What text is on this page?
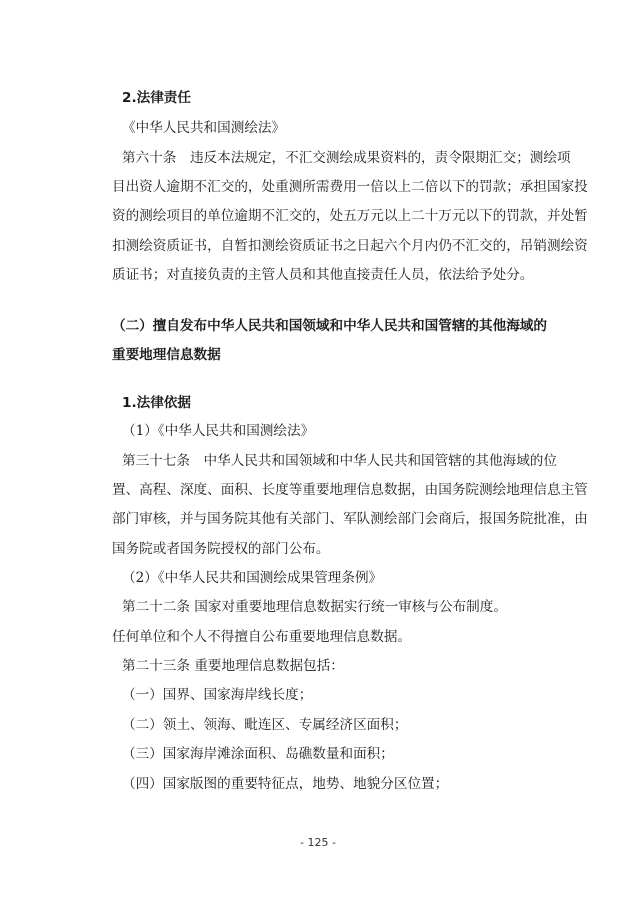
2.法律责任
《中华人民共和国测绘法》
第六十条　违反本法规定，不汇交测绘成果资料的，责令限期汇交；测绘项
目出资人逾期不汇交的，处重测所需费用一倍以上二倍以下的罚款；承担国家投
资的测绘项目的单位逾期不汇交的，处五万元以上二十万元以下的罚款，并处暂
扣测绘资质证书，自暂扣测绘资质证书之日起六个月内仍不汇交的，吊销测绘资
质证书；对直接负责的主管人员和其他直接责任人员，依法给予处分。
（二）擅自发布中华人民共和国领域和中华人民共和国管辖的其他海域的
重要地理信息数据
1.法律依据
（1）《中华人民共和国测绘法》
第三十七条　中华人民共和国领域和中华人民共和国管辖的其他海域的位
置、高程、深度、面积、长度等重要地理信息数据，由国务院测绘地理信息主管
部门审核，并与国务院其他有关部门、军队测绘部门会商后，报国务院批准，由
国务院或者国务院授权的部门公布。
（2）《中华人民共和国测绘成果管理条例》
第二十二条 国家对重要地理信息数据实行统一审核与公布制度。
任何单位和个人不得擅自公布重要地理信息数据。
第二十三条 重要地理信息数据包括：
（一）国界、国家海岸线长度；
（二）领土、领海、毗连区、专属经济区面积；
（三）国家海岸滩涂面积、岛礁数量和面积；
（四）国家版图的重要特征点，地势、地貌分区位置；
- 125 -
